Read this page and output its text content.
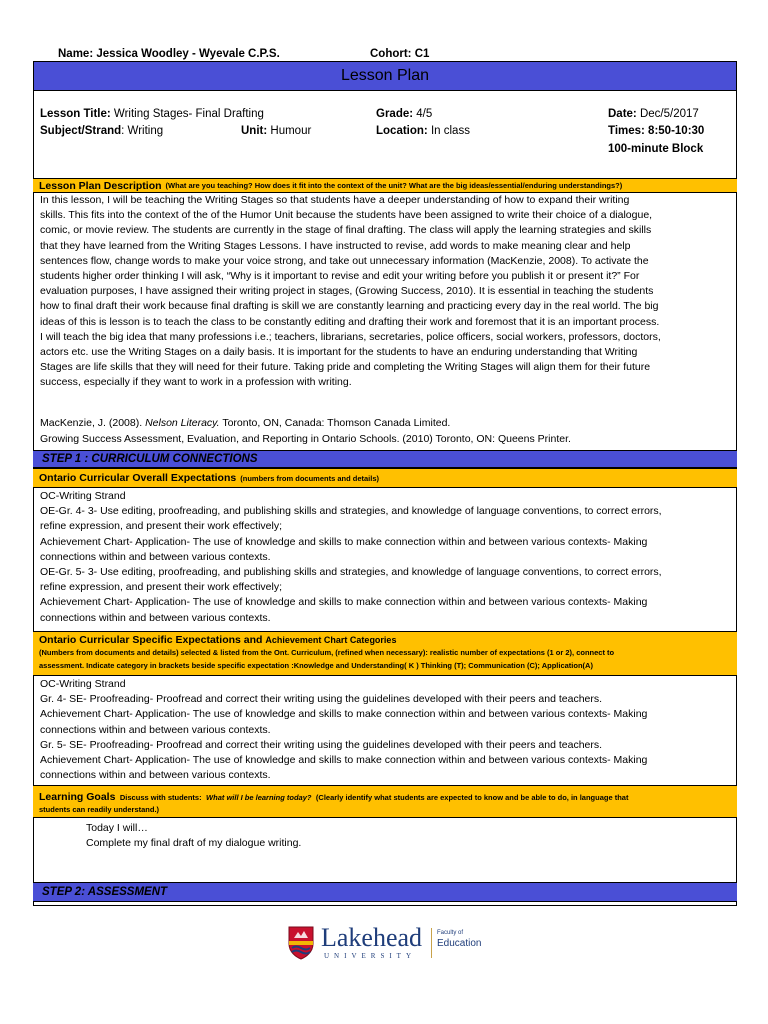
Name: Jessica Woodley - Wyevale C.P.S.	Cohort: C1
Lesson Plan
Lesson Title: Writing Stages- Final Drafting
Subject/Strand: Writing	Unit: Humour
Grade: 4/5
Location: In class
Date: Dec/5/2017
Times: 8:50-10:30
100-minute Block
Lesson Plan Description (What are you teaching? How does it fit into the context of the unit? What are the big ideas/essential/enduring understandings?)
In this lesson, I will be teaching the Writing Stages so that students have a deeper understanding of how to expand their writing
skills. This fits into the context of the of the Humor Unit because the students have been assigned to write their choice of a dialogue,
comic, or movie review. The students are currently in the stage of final drafting. The class will apply the learning strategies and skills
that they have learned from the Writing Stages Lessons. I have instructed to revise, add words to make meaning clear and help
sentences flow, change words to make your voice strong, and take out unnecessary information (MacKenzie, 2008). To activate the
students higher order thinking I will ask, “Why is it important to revise and edit your writing before you publish it or present it?” For
evaluation purposes, I have assigned their writing project in stages, (Growing Success, 2010). It is essential in teaching the students
how to final draft their work because final drafting is skill we are constantly learning and practicing every day in the real world. The big
ideas of this is lesson is to teach the class to be constantly editing and drafting their work and foremost that it is an important process.
I will teach the big idea that many professions i.e.; teachers, librarians, secretaries, police officers, social workers, professors, doctors,
actors etc. use the Writing Stages on a daily basis. It is important for the students to have an enduring understanding that Writing
Stages are life skills that they will need for their future. Taking pride and completing the Writing Stages will align them for their future
success, especially if they want to work in a profession with writing.
MacKenzie, J. (2008). Nelson Literacy. Toronto, ON, Canada: Thomson Canada Limited.
Growing Success Assessment, Evaluation, and Reporting in Ontario Schools. (2010) Toronto, ON: Queens Printer.
STEP 1 : CURRICULUM CONNECTIONS
Ontario Curricular Overall Expectations (numbers from documents and details)
OC-Writing Strand
OE-Gr. 4- 3- Use editing, proofreading, and publishing skills and strategies, and knowledge of language conventions, to correct errors,
refine expression, and present their work effectively;
Achievement Chart- Application- The use of knowledge and skills to make connection within and between various contexts- Making
connections within and between various contexts.
OE-Gr. 5- 3- Use editing, proofreading, and publishing skills and strategies, and knowledge of language conventions, to correct errors,
refine expression, and present their work effectively;
Achievement Chart- Application- The use of knowledge and skills to make connection within and between various contexts- Making
connections within and between various contexts.
Ontario Curricular Specific Expectations and Achievement Chart Categories
(Numbers from documents and details) selected & listed from the Ont. Curriculum, (refined when necessary): realistic number of expectations (1 or 2), connect to
assessment. Indicate category in brackets beside specific expectation :Knowledge and Understanding( K ) Thinking (T); Communication (C); Application(A)
OC-Writing Strand
Gr. 4- SE- Proofreading- Proofread and correct their writing using the guidelines developed with their peers and teachers.
Achievement Chart- Application- The use of knowledge and skills to make connection within and between various contexts- Making
connections within and between various contexts.
Gr. 5- SE- Proofreading- Proofread and correct their writing using the guidelines developed with their peers and teachers.
Achievement Chart- Application- The use of knowledge and skills to make connection within and between various contexts- Making
connections within and between various contexts.
Learning Goals Discuss with students: What will I be learning today? (Clearly identify what students are expected to know and be able to do, in language that
students can readily understand.)
Today I will…
Complete my final draft of my dialogue writing.
STEP 2: ASSESSMENT
Lakehead
UNIVERSITY
Faculty of
Education
